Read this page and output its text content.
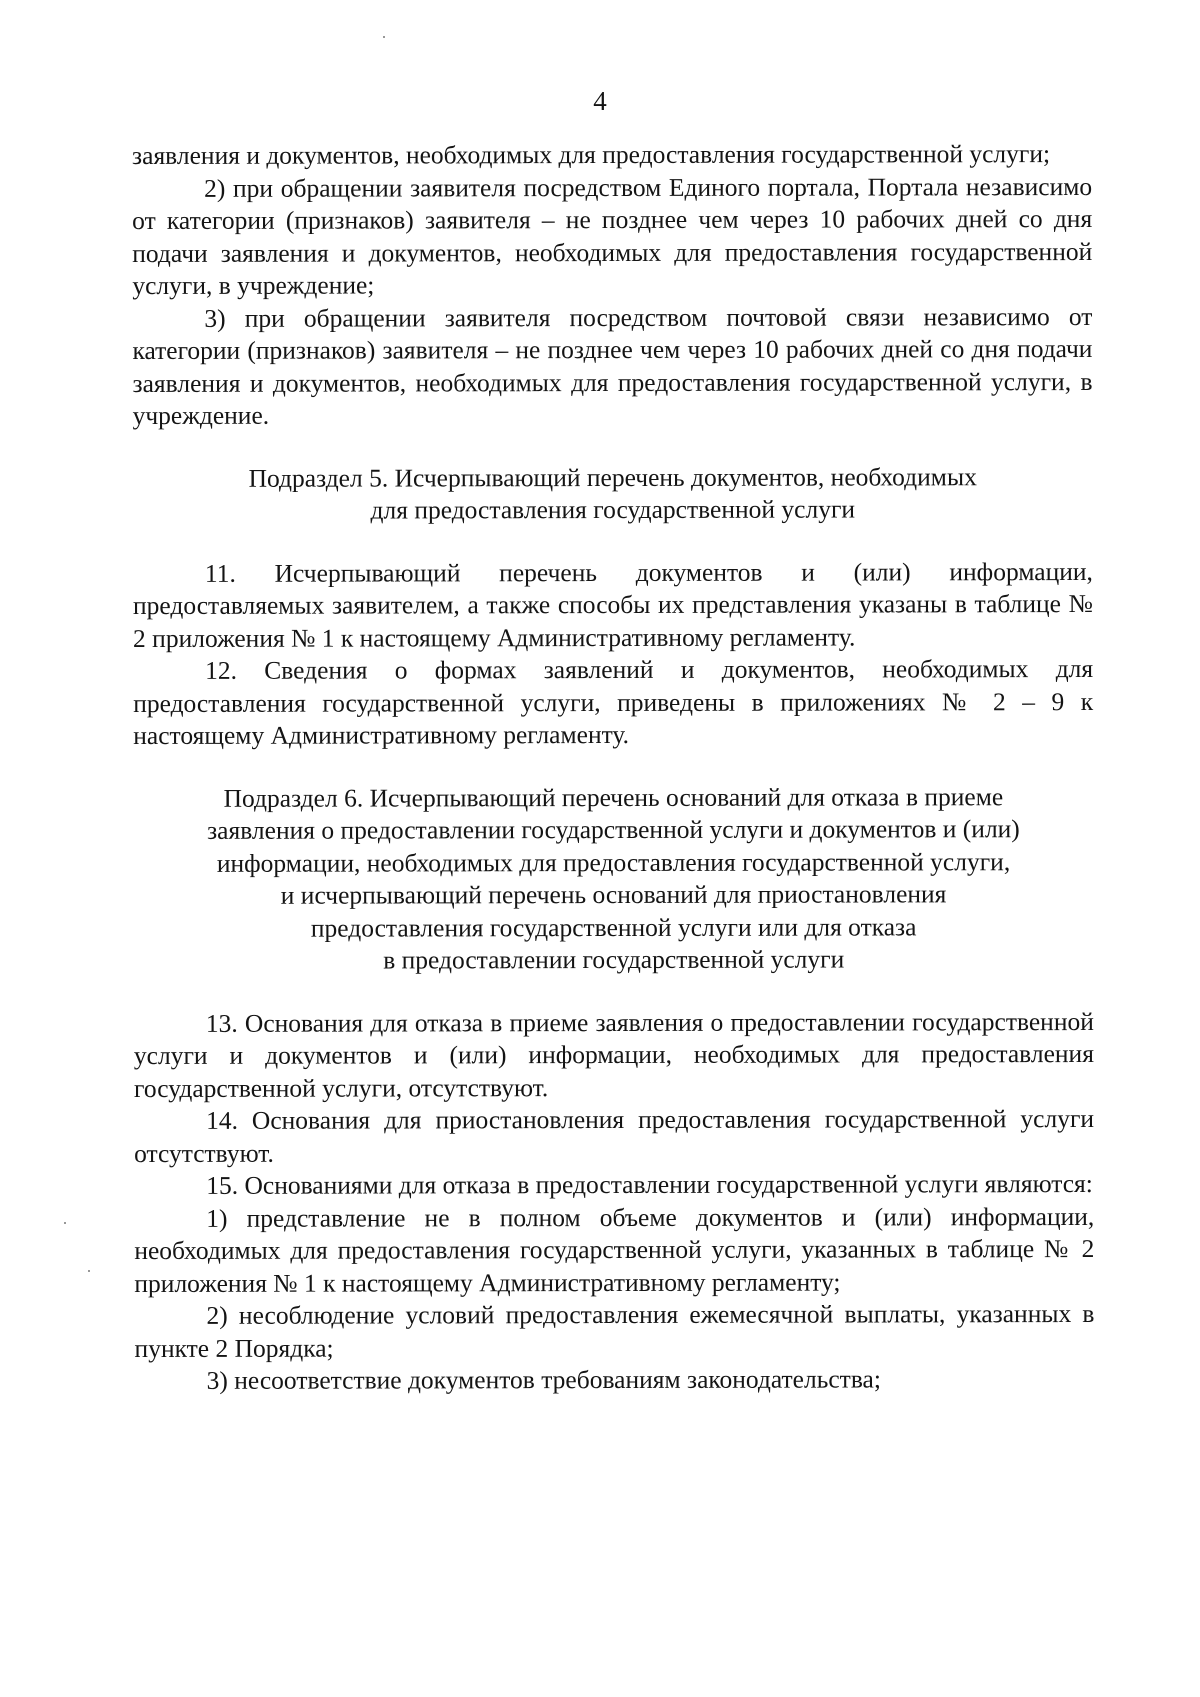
4

заявления и документов, необходимых для предоставления государственной услуги;

2) при обращении заявителя посредством Единого портала, Портала независимо от категории (признаков) заявителя – не позднее чем через 10 рабочих дней со дня подачи заявления и документов, необходимых для предоставления государственной услуги, в учреждение;

3) при обращении заявителя посредством почтовой связи независимо от категории (признаков) заявителя – не позднее чем через 10 рабочих дней со дня подачи заявления и документов, необходимых для предоставления государственной услуги, в учреждение.

Подраздел 5. Исчерпывающий перечень документов, необходимых

для предоставления государственной услуги

11. Исчерпывающий перечень документов и (или) информации, предоставляемых заявителем, а также способы их представления указаны в таблице № 2 приложения № 1 к настоящему Административному регламенту.

12. Сведения о формах заявлений и документов, необходимых для предоставления государственной услуги, приведены в приложениях № 2 – 9 к настоящему Административному регламенту.

Подраздел 6. Исчерпывающий перечень оснований для отказа в приеме

заявления о предоставлении государственной услуги и документов и (или)

информации, необходимых для предоставления государственной услуги,

и исчерпывающий перечень оснований для приостановления

предоставления государственной услуги или для отказа

в предоставлении государственной услуги

13. Основания для отказа в приеме заявления о предоставлении государственной услуги и документов и (или) информации, необходимых для предоставления государственной услуги, отсутствуют.

14. Основания для приостановления предоставления государственной услуги отсутствуют.

15. Основаниями для отказа в предоставлении государственной услуги являются:

1) представление не в полном объеме документов и (или) информации, необходимых для предоставления государственной услуги, указанных в таблице № 2 приложения № 1 к настоящему Административному регламенту;

2) несоблюдение условий предоставления ежемесячной выплаты, указанных в пункте 2 Порядка;

3) несоответствие документов требованиям законодательства;
